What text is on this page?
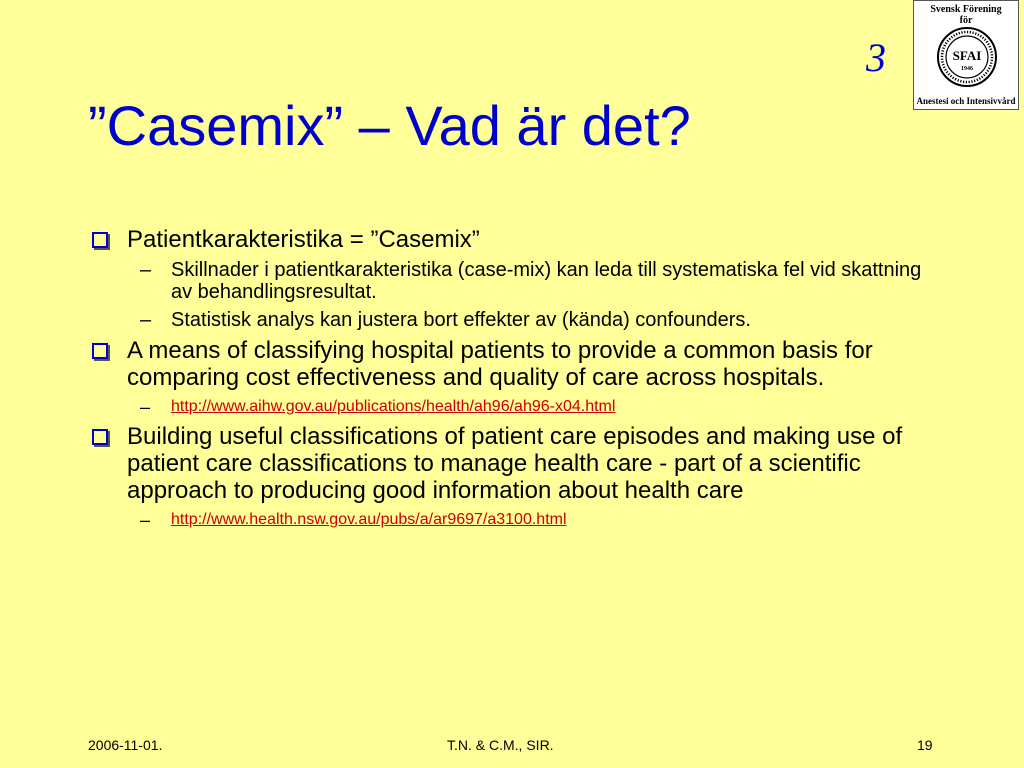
3
Svensk Förening
för
SFAI
1946
Anestesi och Intensivvård
”Casemix” – Vad är det?
Patientkarakteristika = ”Casemix”
– Skillnader i patientkarakteristika (case-mix) kan leda till systematiska fel vid skattning av behandlingsresultat.
– Statistisk analys kan justera bort effekter av (kända) confounders.
A means of classifying hospital patients to provide a common basis for comparing cost effectiveness and quality of care across hospitals.
– http://www.aihw.gov.au/publications/health/ah96/ah96-x04.html
Building useful classifications of patient care episodes and making use of patient care classifications to manage health care - part of a scientific approach to producing good information about health care
– http://www.health.nsw.gov.au/pubs/a/ar9697/a3100.html
2006-11-01.	T.N. & C.M., SIR.	19
